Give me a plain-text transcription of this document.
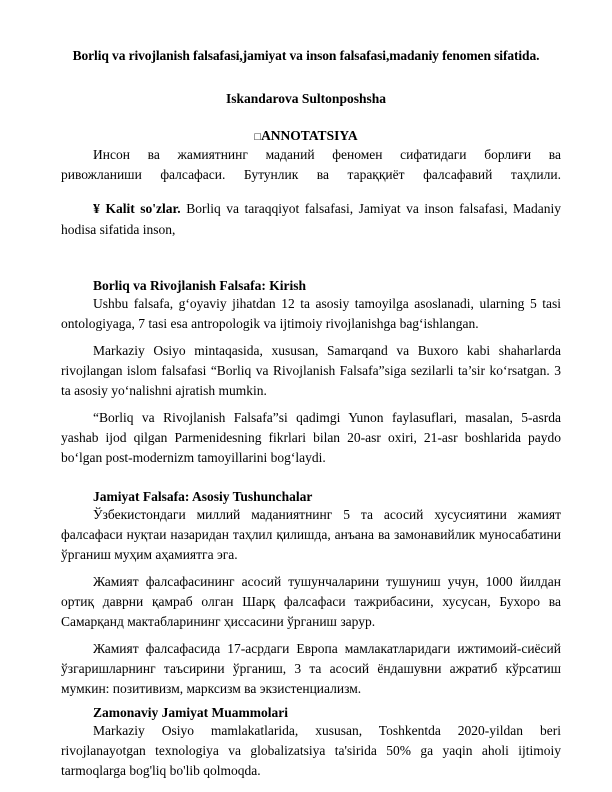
Borliq va rivojlanish falsafasi,jamiyat va inson falsafasi,madaniy fenomen sifatida.
Iskandarova Sultonposhsha
□ANNOTATSIYA
Инсон ва жамиятнинг маданий феномен сифатидаги борлиғи ва
ривожланиши фалсафаси. Бутунлик ва тараққиёт фалсафавий таҳлили.
¥ Kalit so'zlar. Borliq va taraqqiyot falsafasi, Jamiyat va inson falsafasi, Madaniy hodisa sifatida inson,
Borliq va Rivojlanish Falsafa: Kirish
Ushbu falsafa, g‘oyaviy jihatdan 12 ta asosiy tamoyilga asoslanadi, ularning 5 tasi ontologiyaga, 7 tasi esa antropologik va ijtimoiy rivojlanishga bag‘ishlangan.
Markaziy Osiyo mintaqasida, xususan, Samarqand va Buxoro kabi shaharlarda rivojlangan islom falsafasi “Borliq va Rivojlanish Falsafa”siga sezilarli ta’sir ko‘rsatgan. 3 ta asosiy yo‘nalishni ajratish mumkin.
“Borliq va Rivojlanish Falsafa”si qadimgi Yunon faylasuflari, masalan, 5-asrda yashab ijod qilgan Parmenidesning fikrlari bilan 20-asr oxiri, 21-asr boshlarida paydo bo‘lgan post-modernizm tamoyillarini bog‘laydi.
Jamiyat Falsafa: Asosiy Tushunchalar
Ўзбекистондаги миллий маданиятнинг 5 та асосий хусусиятини жамият фалсафаси нуқтаи назаридан таҳлил қилишда, анъана ва замонавийлик муносабатини ўрганиш муҳим аҳамиятга эга.
Жамият фалсафасининг асосий тушунчаларини тушуниш учун, 1000 йилдан ортиқ даврни қамраб олган Шарқ фалсафаси тажрибасини, хусусан, Бухоро ва Самарқанд мактабларининг ҳиссасини ўрганиш зарур.
Жамият фалсафасида 17-асрдаги Европа мамлакатларидаги ижтимоий-сиёсий ўзгаришларнинг таъсирини ўрганиш, 3 та асосий ёндашувни ажратиб кўрсатиш мумкин: позитивизм, марксизм ва экзистенциализм.
Zamonaviy Jamiyat Muammolari
Markaziy Osiyo mamlakatlarida, xususan, Toshkentda 2020-yildan beri rivojlanayotgan texnologiya va globalizatsiya ta'sirida 50% ga yaqin aholi ijtimoiy tarmoqlarga bog'liq bo'lib qolmoqda.
